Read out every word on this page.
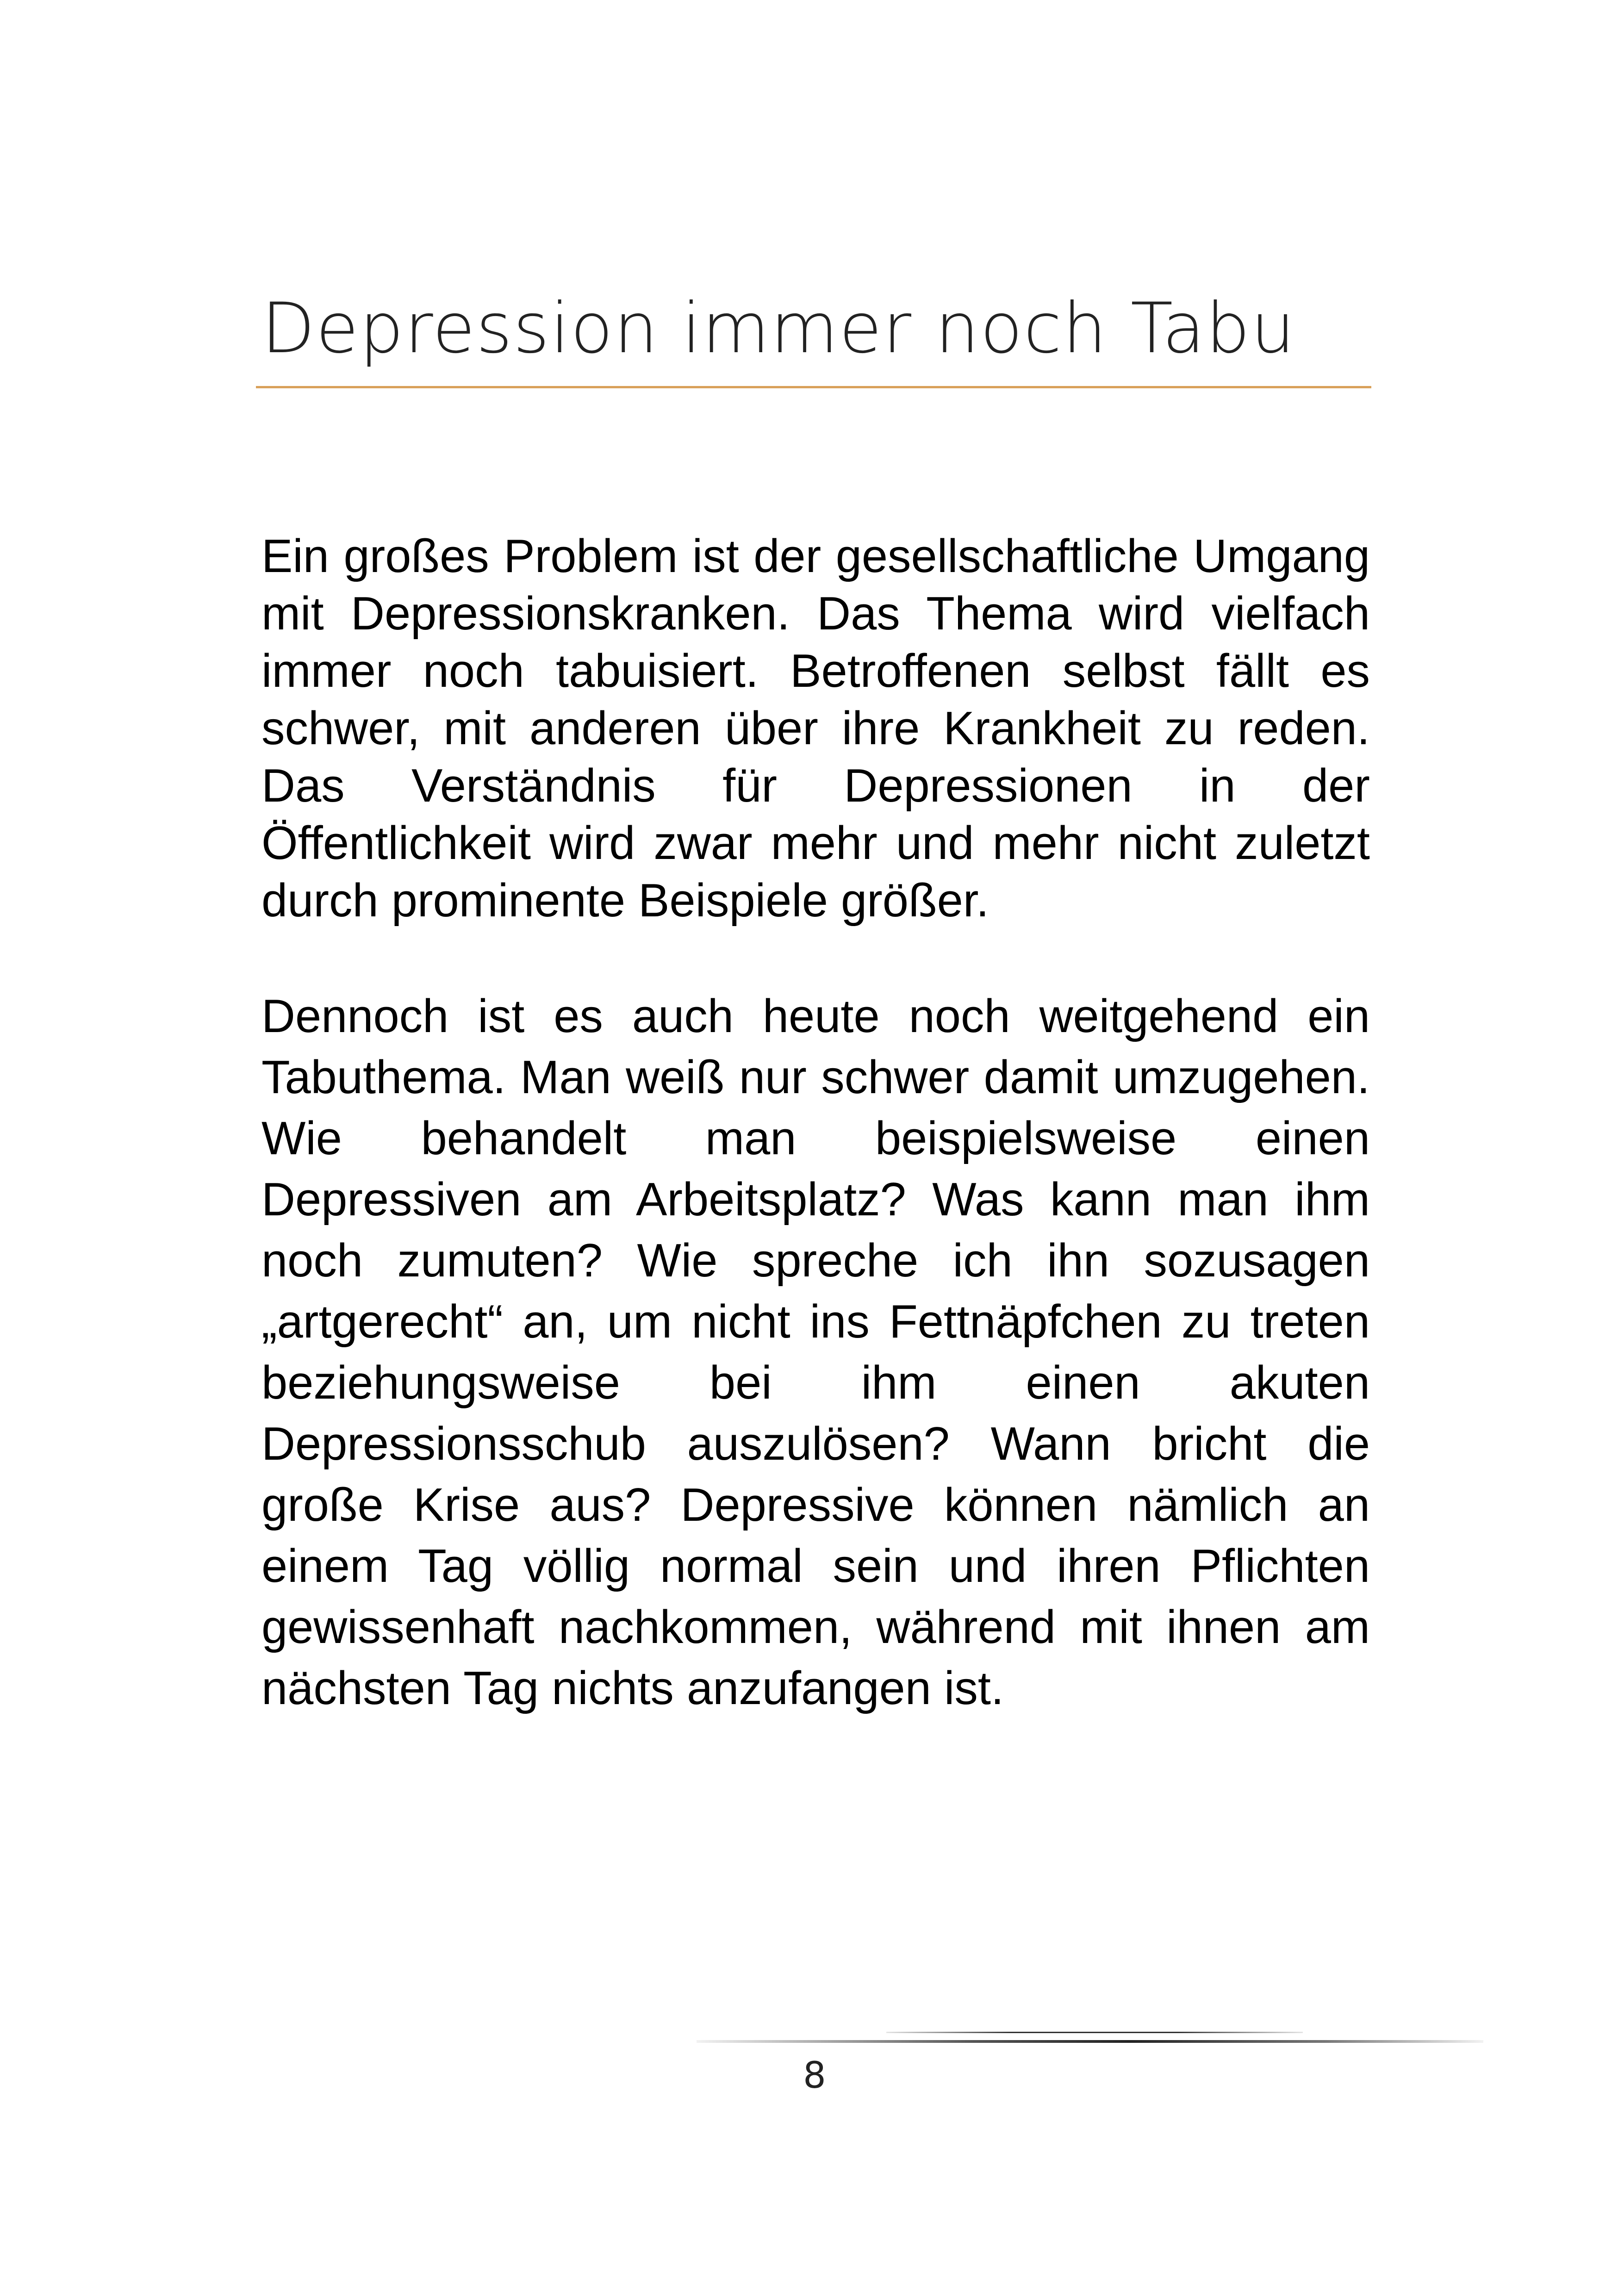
Depression immer noch Tabu

Ein großes Problem ist der gesellschaftliche Umgang mit Depressionskranken. Das Thema wird vielfach immer noch tabuisiert. Betroffenen selbst fällt es schwer, mit anderen über ihre Krankheit zu reden. Das Verständnis für Depressionen in der Öffentlichkeit wird zwar mehr und mehr nicht zuletzt durch prominente Beispiele größer.

Dennoch ist es auch heute noch weitgehend ein Tabuthema. Man weiß nur schwer damit umzugehen. Wie behandelt man beispielsweise einen Depressiven am Arbeitsplatz? Was kann man ihm noch zumuten? Wie spreche ich ihn sozusagen „artgerecht“ an, um nicht ins Fettnäpfchen zu treten beziehungsweise bei ihm einen akuten Depressionsschub auszulösen? Wann bricht die große Krise aus? Depressive können nämlich an einem Tag völlig normal sein und ihren Pflichten gewissenhaft nachkommen, während mit ihnen am nächsten Tag nichts anzufangen ist.

8
